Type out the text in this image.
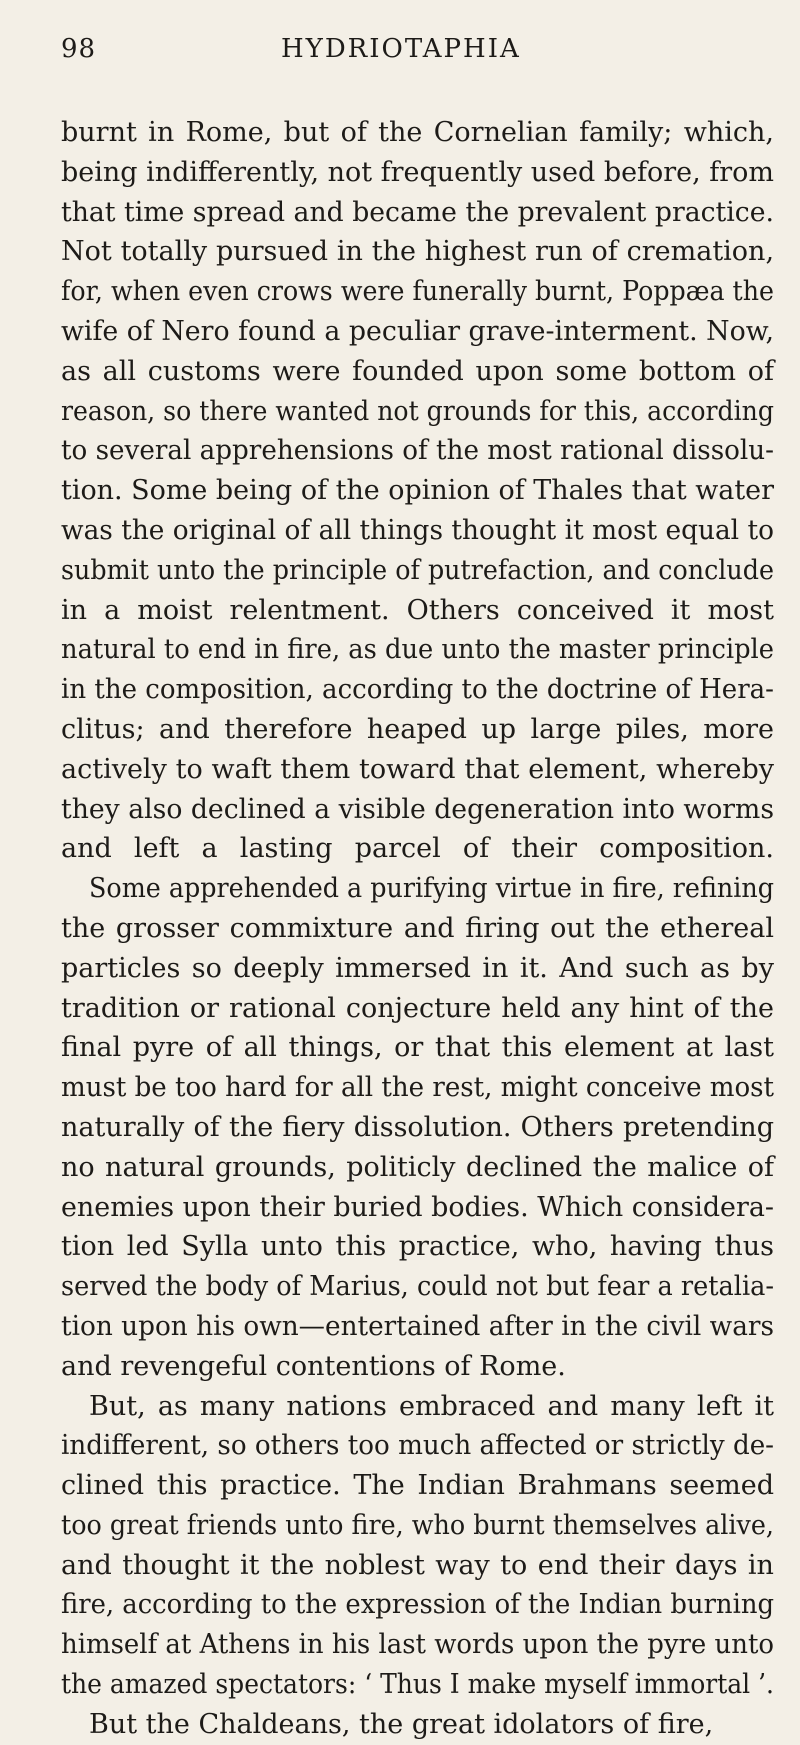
98	HYDRIOTAPHIA
burnt in Rome, but of the Cornelian family; which,
being indifferently, not frequently used before, from
that time spread and became the prevalent practice.
Not totally pursued in the highest run of cremation,
for, when even crows were funerally burnt, Poppæa the
wife of Nero found a peculiar grave-interment. Now,
as all customs were founded upon some bottom of
reason, so there wanted not grounds for this, according
to several apprehensions of the most rational dissolu-
tion. Some being of the opinion of Thales that water
was the original of all things thought it most equal to
submit unto the principle of putrefaction, and conclude
in a moist relentment. Others conceived it most
natural to end in fire, as due unto the master principle
in the composition, according to the doctrine of Hera-
clitus; and therefore heaped up large piles, more
actively to waft them toward that element, whereby
they also declined a visible degeneration into worms
and left a lasting parcel of their composition.
Some apprehended a purifying virtue in fire, refining
the grosser commixture and firing out the ethereal
particles so deeply immersed in it. And such as by
tradition or rational conjecture held any hint of the
final pyre of all things, or that this element at last
must be too hard for all the rest, might conceive most
naturally of the fiery dissolution. Others pretending
no natural grounds, politicly declined the malice of
enemies upon their buried bodies. Which considera-
tion led Sylla unto this practice, who, having thus
served the body of Marius, could not but fear a retalia-
tion upon his own—entertained after in the civil wars
and revengeful contentions of Rome.
But, as many nations embraced and many left it
indifferent, so others too much affected or strictly de-
clined this practice. The Indian Brahmans seemed
too great friends unto fire, who burnt themselves alive,
and thought it the noblest way to end their days in
fire, according to the expression of the Indian burning
himself at Athens in his last words upon the pyre unto
the amazed spectators: ‘ Thus I make myself immortal ’.
But the Chaldeans, the great idolators of fire,
